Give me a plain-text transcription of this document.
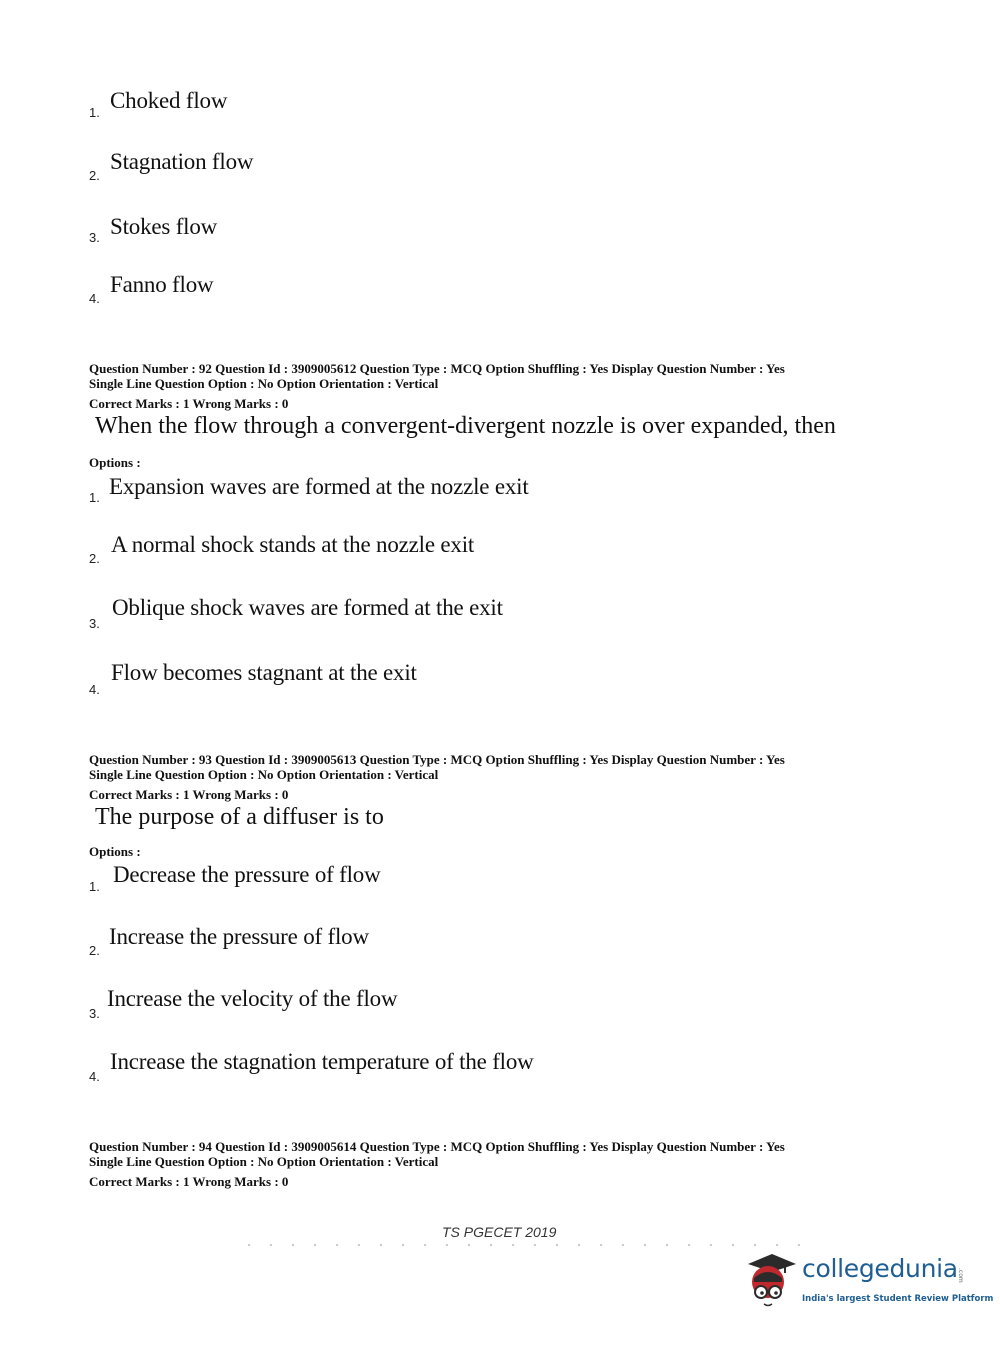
1. Choked flow
2.
Stagnation flow
3. Stokes flow
4.
Fanno flow
Question Number : 92 Question Id : 3909005612 Question Type : MCQ Option Shuffling : Yes Display Question Number : Yes
Single Line Question Option : No Option Orientation : Vertical
Correct Marks : 1 Wrong Marks : 0
When the flow through a convergent-divergent nozzle is over expanded, then
Options :
1. Expansion waves are formed at the nozzle exit
2.
A normal shock stands at the nozzle exit
3.
Oblique shock waves are formed at the exit
4.
Flow becomes stagnant at the exit
Question Number : 93 Question Id : 3909005613 Question Type : MCQ Option Shuffling : Yes Display Question Number : Yes
Single Line Question Option : No Option Orientation : Vertical
Correct Marks : 1 Wrong Marks : 0
The purpose of a diffuser is to
Options :
1. Decrease the pressure of flow
2.
Increase the pressure of flow
3.
Increase the velocity of the flow
4.
Increase the stagnation temperature of the flow
Question Number : 94 Question Id : 3909005614 Question Type : MCQ Option Shuffling : Yes Display Question Number : Yes
Single Line Question Option : No Option Orientation : Vertical
Correct Marks : 1 Wrong Marks : 0
TS PGECET 2019
collegedunia .com
India's largest Student Review Platform
